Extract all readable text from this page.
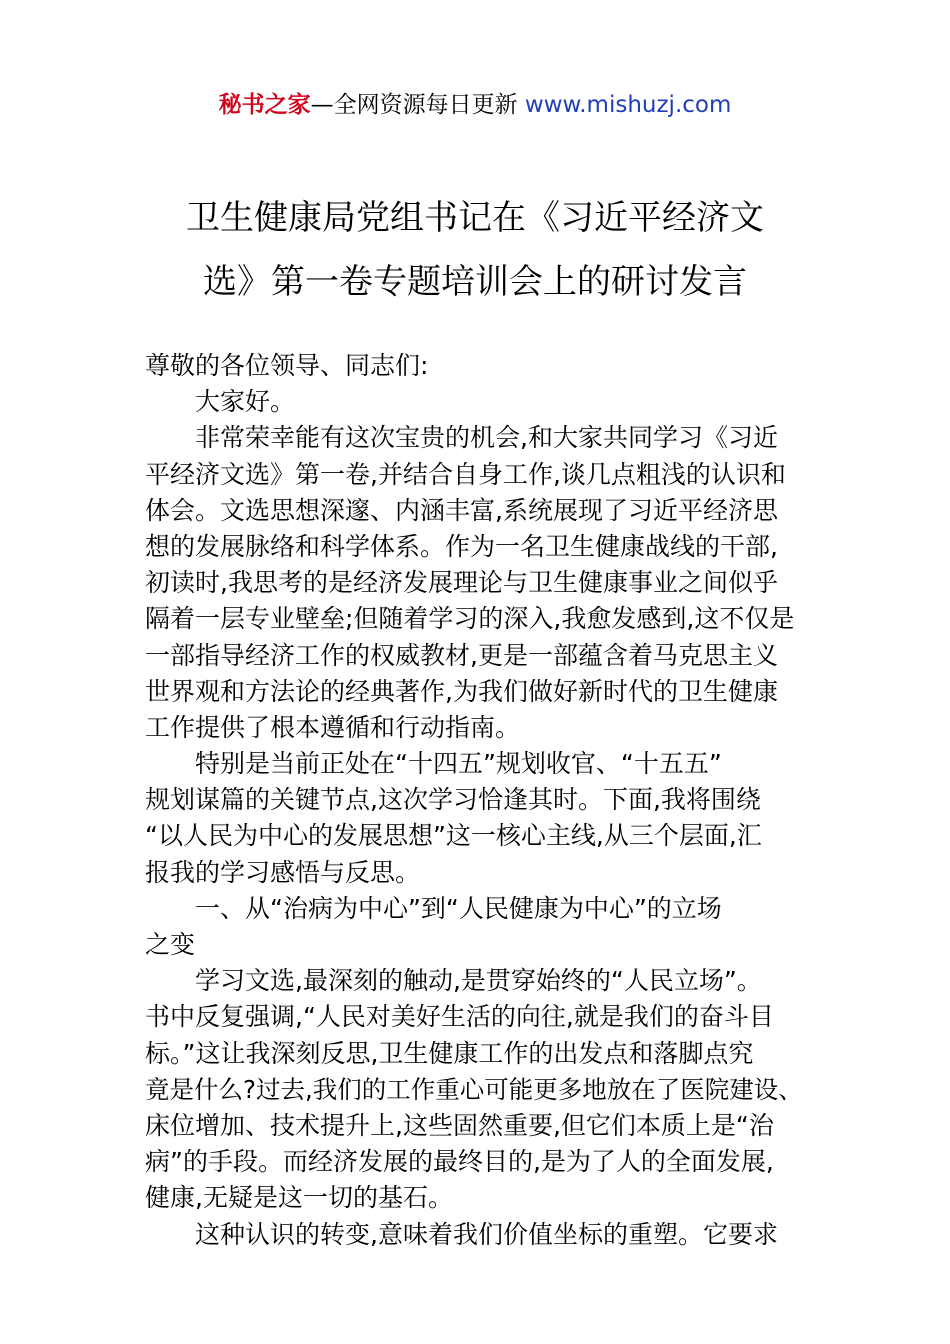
秘书之家—全网资源每日更新 www.mishuzj.com
卫生健康局党组书记在《习近平经济文
选》第一卷专题培训会上的研讨发言
尊敬的各位领导、同志们:
大家好。
非常荣幸能有这次宝贵的机会,和大家共同学习《习近
平经济文选》第一卷,并结合自身工作,谈几点粗浅的认识和
体会。文选思想深邃、内涵丰富,系统展现了习近平经济思
想的发展脉络和科学体系。作为一名卫生健康战线的干部,
初读时,我思考的是经济发展理论与卫生健康事业之间似乎
隔着一层专业壁垒;但随着学习的深入,我愈发感到,这不仅是
一部指导经济工作的权威教材,更是一部蕴含着马克思主义
世界观和方法论的经典著作,为我们做好新时代的卫生健康
工作提供了根本遵循和行动指南。
特别是当前正处在“十四五”规划收官、“十五五”
规划谋篇的关键节点,这次学习恰逢其时。下面,我将围绕
“以人民为中心的发展思想”这一核心主线,从三个层面,汇
报我的学习感悟与反思。
一、从“治病为中心”到“人民健康为中心”的立场
之变
学习文选,最深刻的触动,是贯穿始终的“人民立场”。
书中反复强调,“人民对美好生活的向往,就是我们的奋斗目
标。”这让我深刻反思,卫生健康工作的出发点和落脚点究
竟是什么?过去,我们的工作重心可能更多地放在了医院建设、
床位增加、技术提升上,这些固然重要,但它们本质上是“治
病”的手段。而经济发展的最终目的,是为了人的全面发展,
健康,无疑是这一切的基石。
这种认识的转变,意味着我们价值坐标的重塑。它要求
